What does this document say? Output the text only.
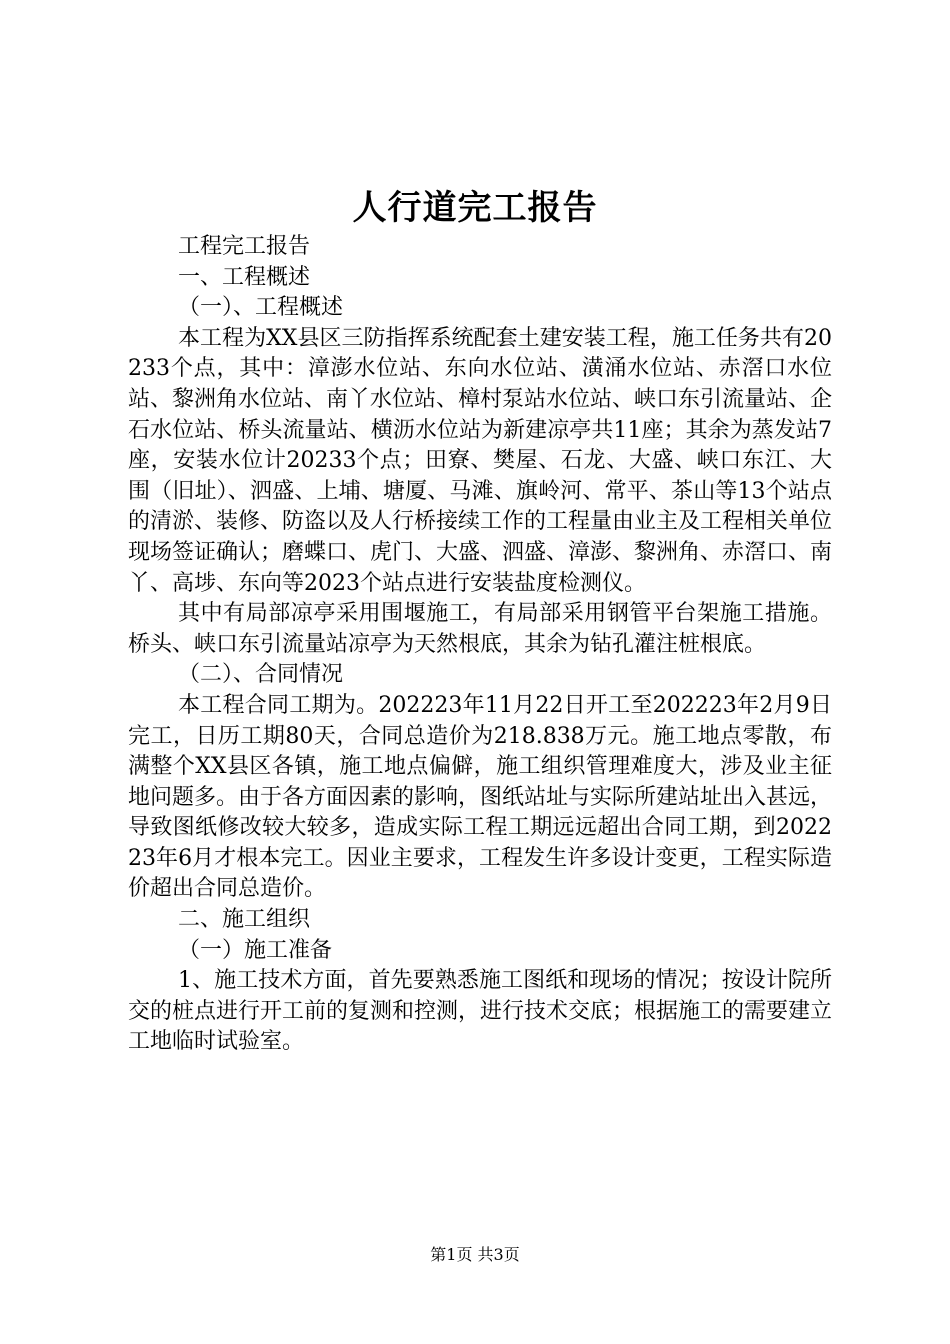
人行道完工报告

工程完工报告

一、工程概述

（一）、工程概述

本工程为XX县区三防指挥系统配套土建安装工程，施工任务共有20233个点，其中：漳澎水位站、东向水位站、潢涌水位站、赤滘口水位站、黎洲角水位站、南丫水位站、樟村泵站水位站、峡口东引流量站、企石水位站、桥头流量站、横沥水位站为新建凉亭共11座；其余为蒸发站7座，安装水位计20233个点；田寮、樊屋、石龙、大盛、峡口东江、大围（旧址）、泗盛、上埔、塘厦、马滩、旗岭河、常平、茶山等13个站点的清淤、装修、防盗以及人行桥接续工作的工程量由业主及工程相关单位现场签证确认；磨蝶口、虎门、大盛、泗盛、漳澎、黎洲角、赤滘口、南丫、高埗、东向等2023个站点进行安装盐度检测仪。

其中有局部凉亭采用围堰施工，有局部采用钢管平台架施工措施。桥头、峡口东引流量站凉亭为天然根底，其余为钻孔灌注桩根底。

（二）、合同情况

本工程合同工期为。202223年11月22日开工至202223年2月9日完工，日历工期80天，合同总造价为218.838万元。施工地点零散，布满整个XX县区各镇，施工地点偏僻，施工组织管理难度大，涉及业主征地问题多。由于各方面因素的影响，图纸站址与实际所建站址出入甚远，导致图纸修改较大较多，造成实际工程工期远远超出合同工期，到202223年6月才根本完工。因业主要求，工程发生许多设计变更，工程实际造价超出合同总造价。

二、施工组织

（一）施工准备

1、施工技术方面，首先要熟悉施工图纸和现场的情况；按设计院所交的桩点进行开工前的复测和控测，进行技术交底；根据施工的需要建立工地临时试验室。

第1页 共3页
